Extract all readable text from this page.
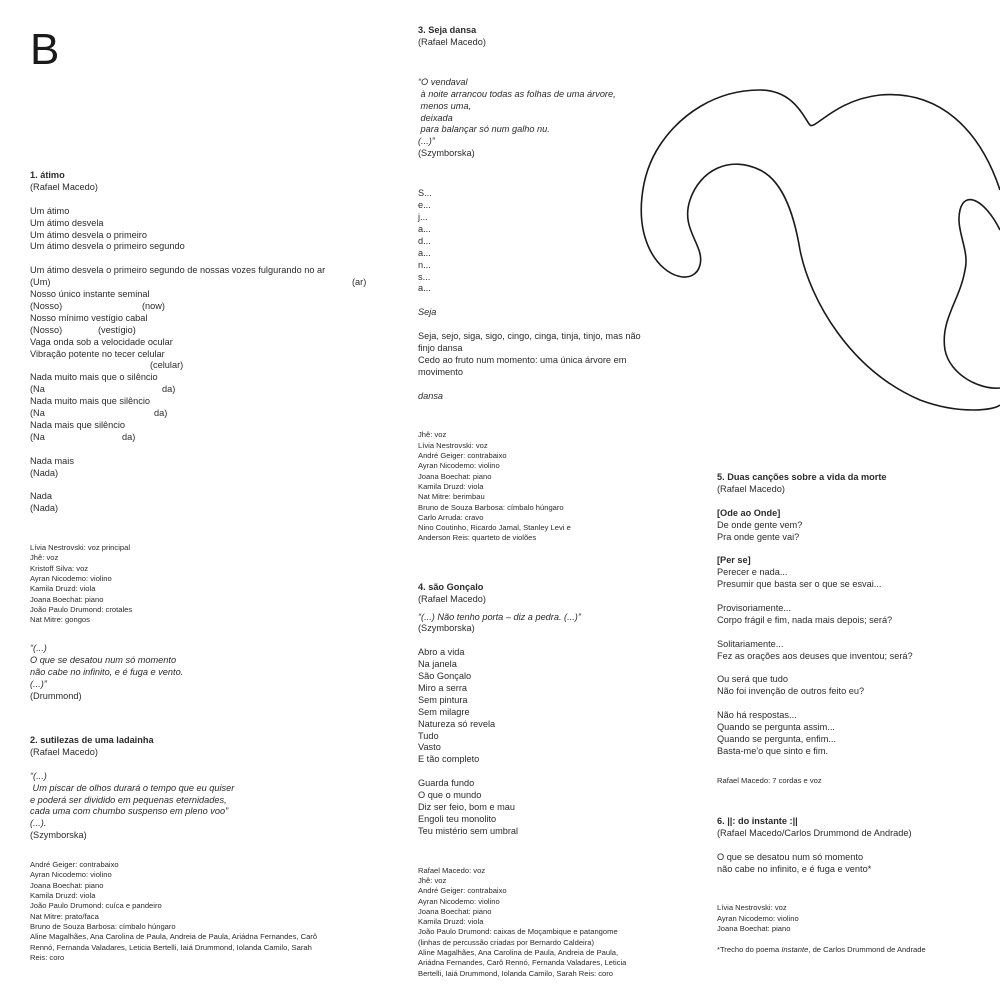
B
1. átimo
(Rafael Macedo)
Um átimo
Um átimo desvela
Um átimo desvela o primeiro
Um átimo desvela o primeiro segundo
Um átimo desvela o primeiro segundo de nossas vozes fulgurando no ar
(Um)	(ar)
Nosso único instante seminal
(Nosso)	(now)
Nosso mínimo vestígio cabal
(Nosso)	(vestígio)
Vaga onda sob a velocidade ocular
Vibração potente no tecer celular
(celular)
Nada muito mais que o silêncio
(Na	da)
Nada muito mais que silêncio
(Na	da)
Nada mais que silêncio
(Na	da)
Nada mais
(Nada)
Nada
(Nada)
Lívia Nestrovski: voz principal
Jhê: voz
Kristoff Silva: voz
Ayran Nicodemo: violino
Kamila Druzd: viola
Joana Boechat: piano
João Paulo Drumond: crotales
Nat Mitre: gongos
“(...)
O que se desatou num só momento
não cabe no infinito, e é fuga e vento.
(...)”
(Drummond)
2. sutilezas de uma ladainha
(Rafael Macedo)
“(...)
Um piscar de olhos durará o tempo que eu quiser
e poderá ser dividido em pequenas eternidades,
cada uma com chumbo suspenso em pleno voo”
(...).
(Szymborska)
André Geiger: contrabaixo
Ayran Nicodemo: violino
Joana Boechat: piano
Kamila Druzd: viola
João Paulo Drumond: cuíca e pandeiro
Nat Mitre: prato/faca
Bruno de Souza Barbosa: címbalo húngaro
Aline Magalhães, Ana Carolina de Paula, Andreia de Paula, Ariádna Fernandes, Carô
Rennó, Fernanda Valadares, Leticia Bertelli, Iaiá Drummond, Iolanda Camilo, Sarah
Reis: coro
3. Seja dansa
(Rafael Macedo)
“O vendaval
à noite arrancou todas as folhas de uma árvore,
menos uma,
deixada
para balançar só num galho nu.
(...)”
(Szymborska)
S...
e...
j...
a...
d...
a...
n...
s...
a...
Seja
Seja, sejo, siga, sigo, cingo, cinga, tinja, tinjo, mas não
finjo dansa
Cedo ao fruto num momento: uma única árvore em
movimento
dansa
Jhê: voz
Lívia Nestrovski: voz
André Geiger: contrabaixo
Ayran Nicodemo: violino
Joana Boechat: piano
Kamila Druzd: viola
Nat Mitre: berimbau
Bruno de Souza Barbosa: címbalo húngaro
Carlo Arruda: cravo
Nino Coutinho, Ricardo Jamal, Stanley Levi e
Anderson Reis: quarteto de violões
4. são Gonçalo
(Rafael Macedo)
“(...) Não tenho porta – diz a pedra. (...)”
(Szymborska)
Abro a vida
Na janela
São Gonçalo
Miro a serra
Sem pintura
Sem milagre
Natureza só revela
Tudo
Vasto
E tão completo
Guarda fundo
O que o mundo
Diz ser feio, bom e mau
Engoli teu monolito
Teu mistério sem umbral
Rafael Macedo: voz
Jhê: voz
André Geiger: contrabaixo
Ayran Nicodemo: violino
Joana Boechat: piano
Kamila Druzd: viola
João Paulo Drumond: caixas de Moçambique e patangome
(linhas de percussão criadas por Bernardo Caldeira)
Aline Magalhães, Ana Carolina de Paula, Andreia de Paula,
Ariádna Fernandes, Carô Rennó, Fernanda Valadares, Leticia
Bertelli, Iaiá Drummond, Iolanda Camilo, Sarah Reis: coro
5. Duas canções sobre a vida da morte
(Rafael Macedo)
[Ode ao Onde]
De onde gente vem?
Pra onde gente vai?
[Per se]
Perecer e nada...
Presumir que basta ser o que se esvai...
Provisoriamente...
Corpo frágil e fim, nada mais depois; será?
Solitariamente...
Fez as orações aos deuses que inventou; será?
Ou será que tudo
Não foi invenção de outros feito eu?
Não há respostas...
Quando se pergunta assim...
Quando se pergunta, enfim...
Basta-me'o que sinto e fim.
Rafael Macedo: 7 cordas e voz
6. ||: do instante :||
(Rafael Macedo/Carlos Drummond de Andrade)
O que se desatou num só momento
não cabe no infinito, e é fuga e vento*
Lívia Nestrovski: voz
Ayran Nicodemo: violino
Joana Boechat: piano
*Trecho do poema Instante, de Carlos Drummond de Andrade
